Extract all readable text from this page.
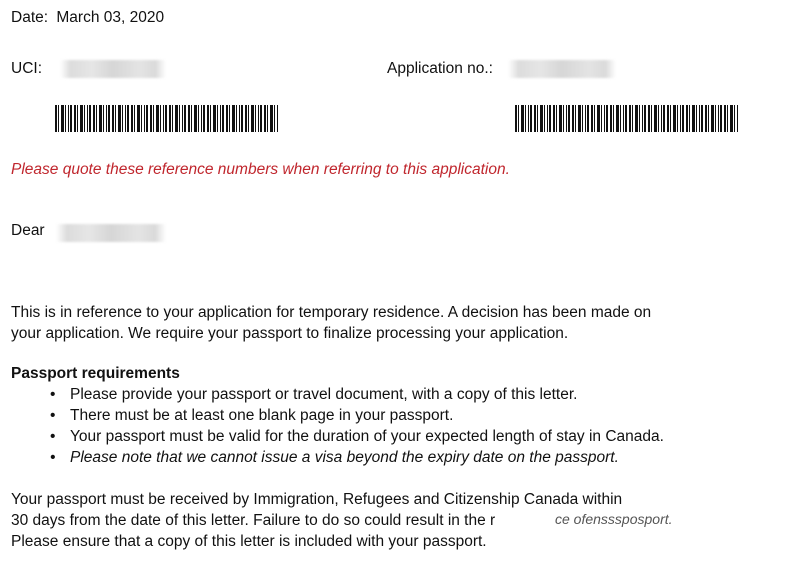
Date: March 03, 2020
UCI:	Application no.:
Please quote these reference numbers when referring to this application.
Dear
This is in reference to your application for temporary residence. A decision has been made on
your application. We require your passport to finalize processing your application.
Passport requirements
• Please provide your passport or travel document, with a copy of this letter.
• There must be at least one blank page in your passport.
• Your passport must be valid for the duration of your expected length of stay in Canada.
• Please note that we cannot issue a visa beyond the expiry date on the passport.
Your passport must be received by Immigration, Refugees and Citizenship Canada within
30 days from the date of this letter. Failure to do so could result in the r
Please ensure that a copy of this letter is included with your passport.
ce ofensssposport.
